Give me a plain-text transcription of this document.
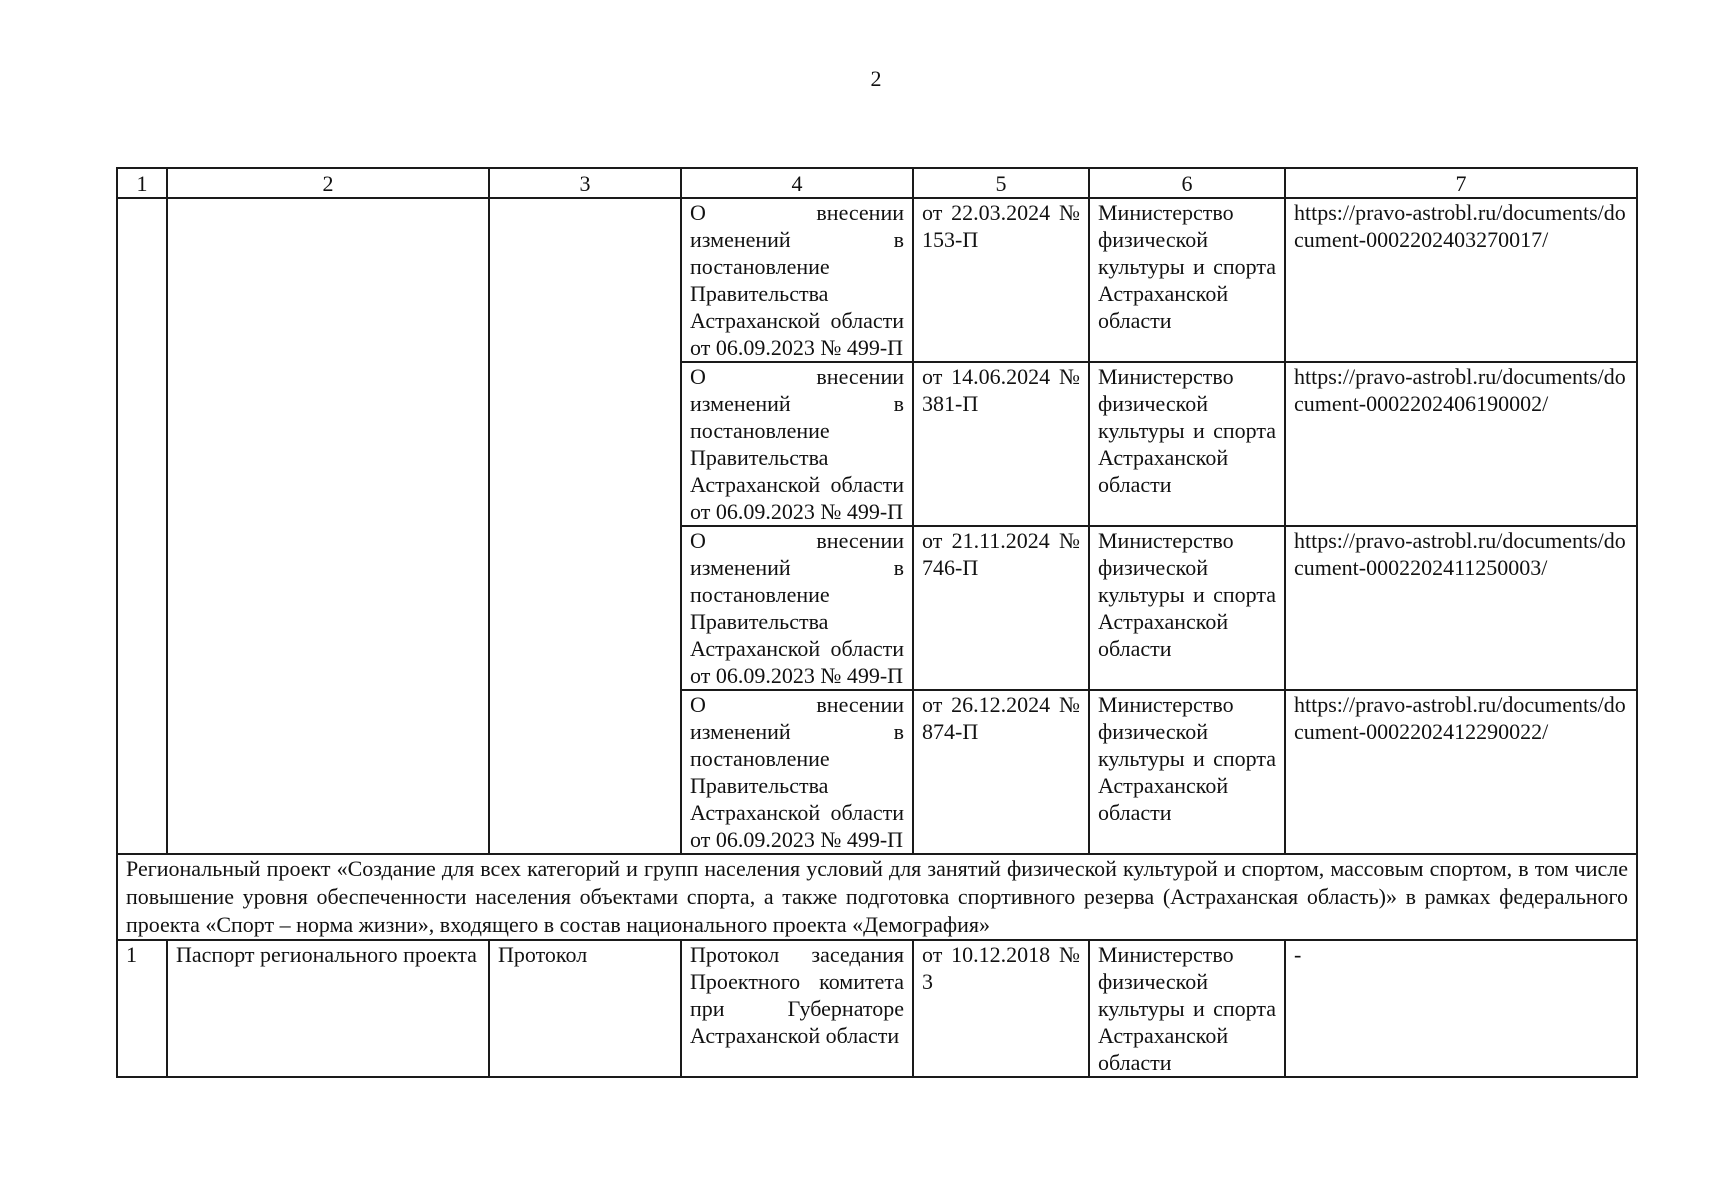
2
1	2	3	4	5	6	7
			О внесении изменений в постановление Правительства Астраханской области от 06.09.2023 № 499-П	от 22.03.2024 № 153-П	Министерство физической культуры и спорта Астраханской области	https://pravo-astrobl.ru/documents/document-0002202403270017/
			О внесении изменений в постановление Правительства Астраханской области от 06.09.2023 № 499-П	от 14.06.2024 № 381-П	Министерство физической культуры и спорта Астраханской области	https://pravo-astrobl.ru/documents/document-0002202406190002/
			О внесении изменений в постановление Правительства Астраханской области от 06.09.2023 № 499-П	от 21.11.2024 № 746-П	Министерство физической культуры и спорта Астраханской области	https://pravo-astrobl.ru/documents/document-0002202411250003/
			О внесении изменений в постановление Правительства Астраханской области от 06.09.2023 № 499-П	от 26.12.2024 № 874-П	Министерство физической культуры и спорта Астраханской области	https://pravo-astrobl.ru/documents/document-0002202412290022/
Региональный проект «Создание для всех категорий и групп населения условий для занятий физической культурой и спортом, массовым спортом, в том числе повышение уровня обеспеченности населения объектами спорта, а также подготовка спортивного резерва (Астраханская область)» в рамках федерального проекта «Спорт – норма жизни», входящего в состав национального проекта «Демография»						
1	Паспорт регионального проекта	Протокол	Протокол заседания Проектного комитета при Губернаторе Астраханской области	от 10.12.2018 № 3	Министерство физической культуры и спорта Астраханской области	-
